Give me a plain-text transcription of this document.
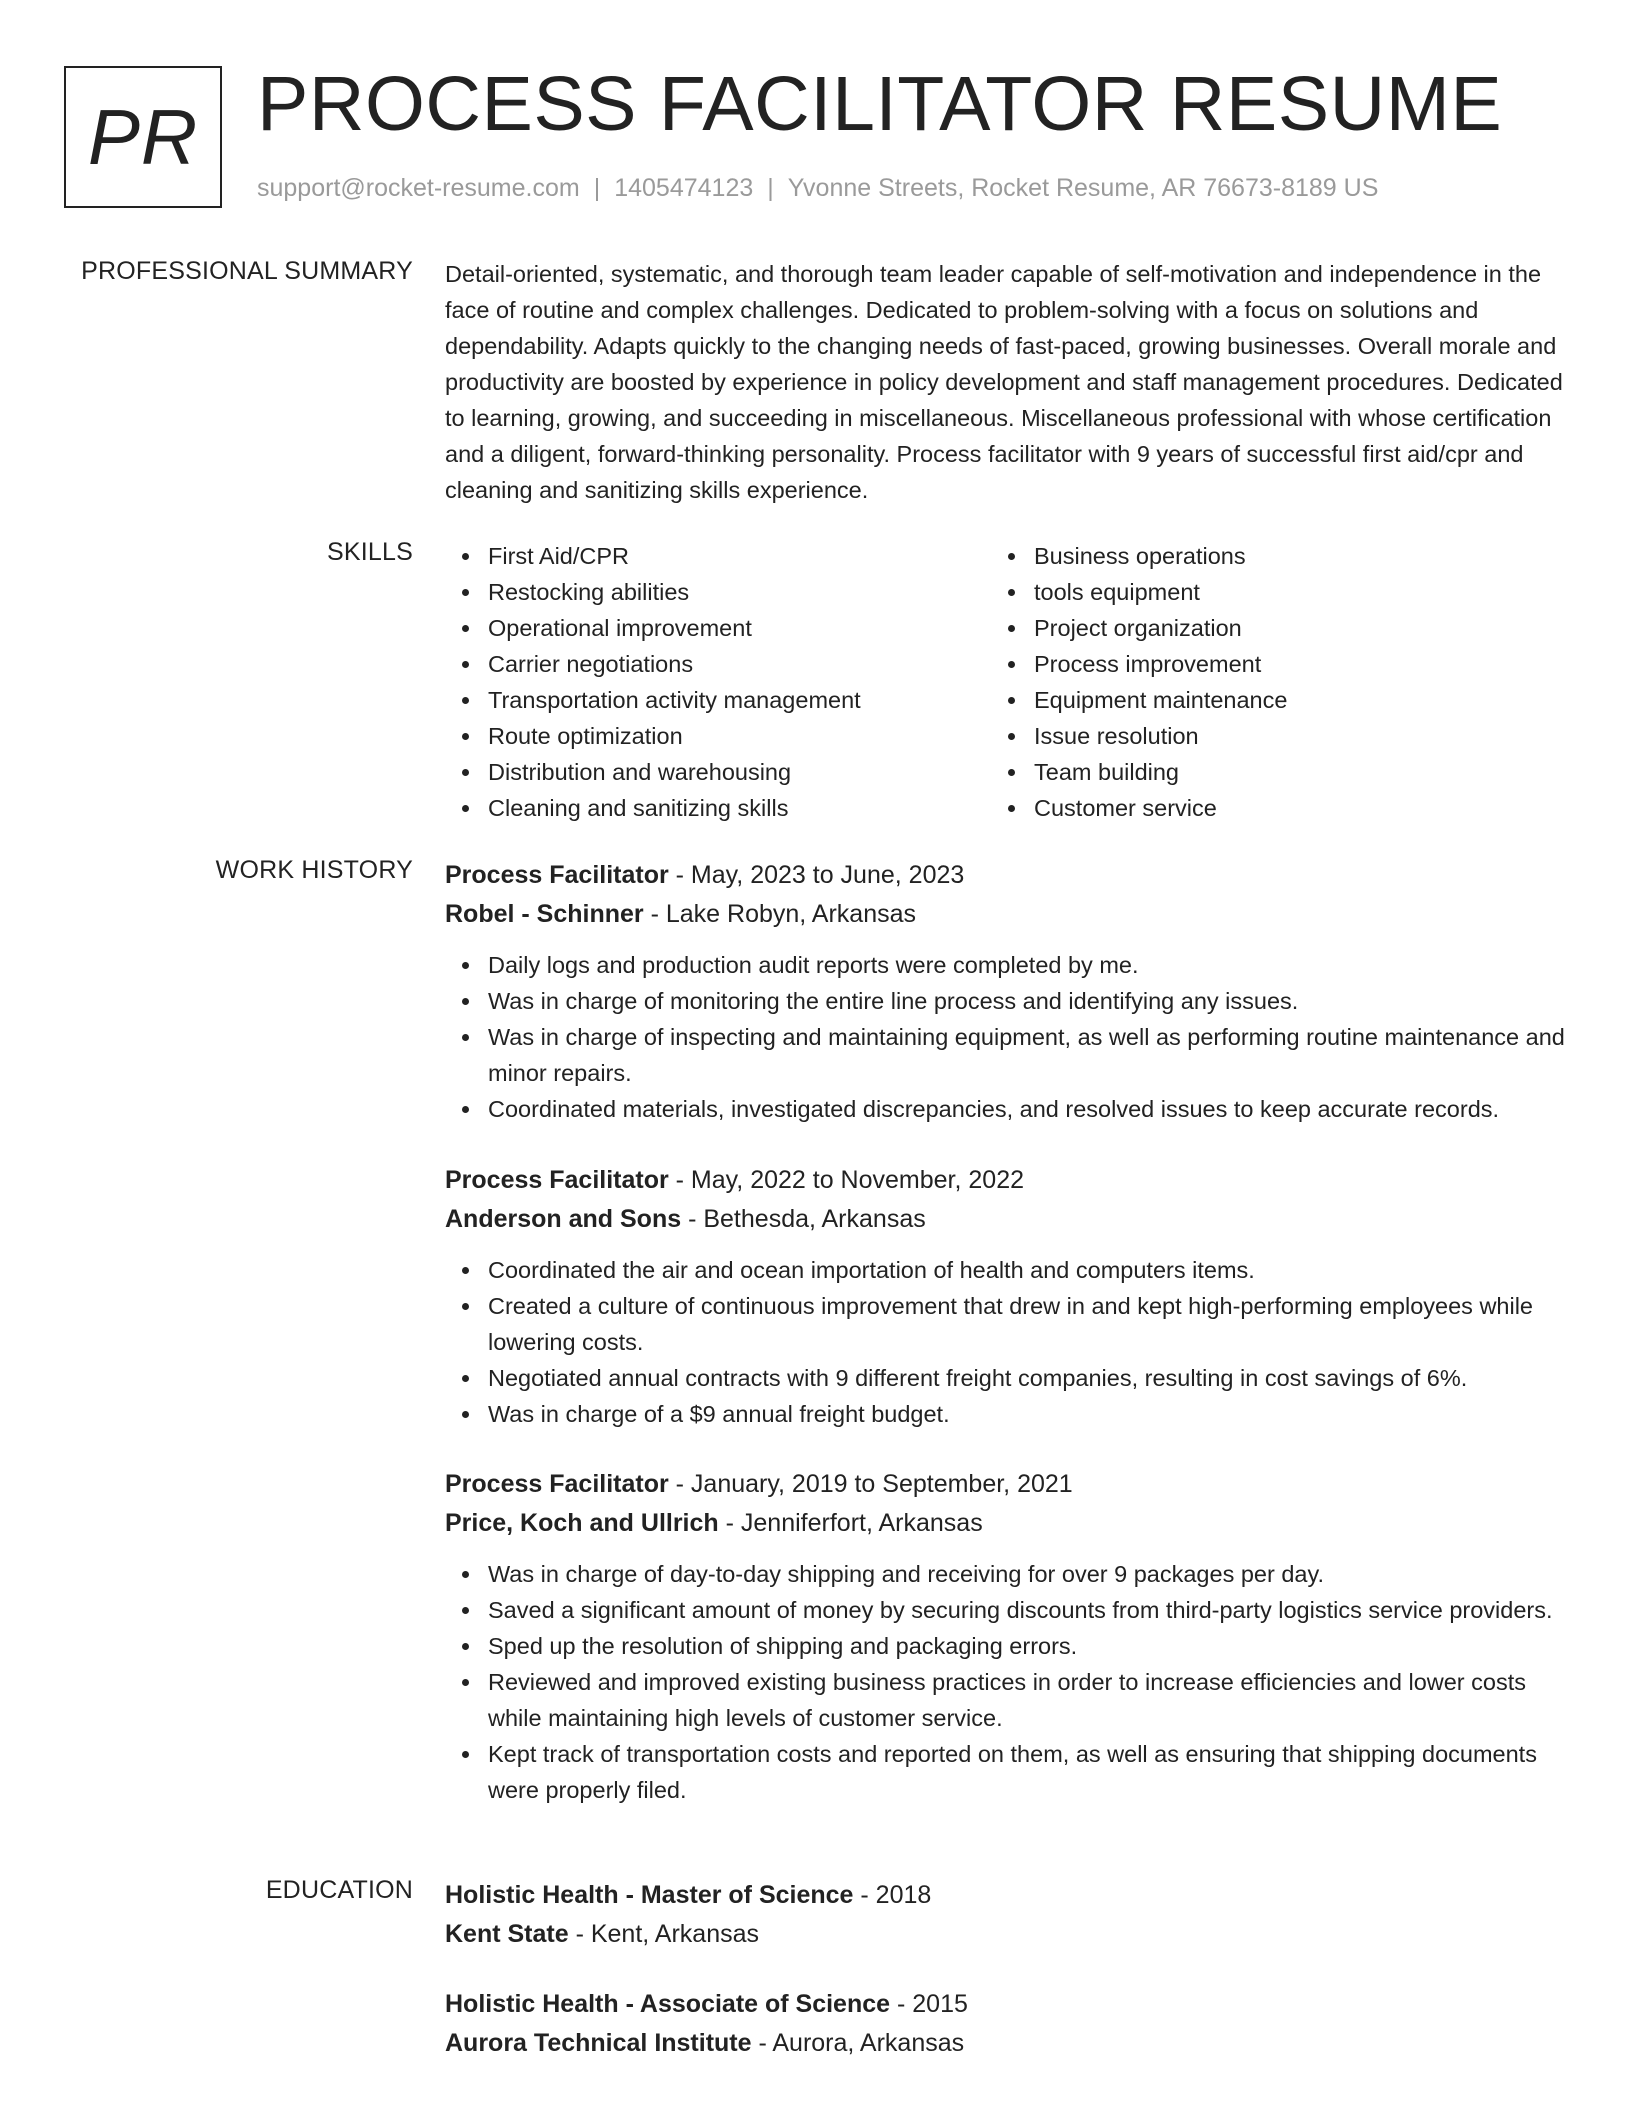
PR PROCESS FACILITATOR RESUME
support@rocket-resume.com | 1405474123 | Yvonne Streets, Rocket Resume, AR 76673-8189 US
PROFESSIONAL SUMMARY Detail-oriented, systematic, and thorough team leader capable of self-motivation and independence in the face of routine and complex challenges. Dedicated to problem-solving with a focus on solutions and dependability. Adapts quickly to the changing needs of fast-paced, growing businesses. Overall morale and productivity are boosted by experience in policy development and staff management procedures. Dedicated to learning, growing, and succeeding in miscellaneous. Miscellaneous professional with whose certification and a diligent, forward-thinking personality. Process facilitator with 9 years of successful first aid/cpr and cleaning and sanitizing skills experience.
SKILLS	First Aid/CPR
Restocking abilities
Operational improvement
Carrier negotiations
Transportation activity management
Route optimization
Distribution and warehousing
Cleaning and sanitizing skills
Business operations
tools equipment
Project organization
Process improvement
Equipment maintenance
Issue resolution
Team building
Customer service
WORK HISTORY Process Facilitator - May, 2023 to June, 2023
Robel - Schinner - Lake Robyn, Arkansas
Daily logs and production audit reports were completed by me.
Was in charge of monitoring the entire line process and identifying any issues.
Was in charge of inspecting and maintaining equipment, as well as performing routine maintenance and minor repairs.
Coordinated materials, investigated discrepancies, and resolved issues to keep accurate records.
Process Facilitator - May, 2022 to November, 2022
Anderson and Sons - Bethesda, Arkansas
Coordinated the air and ocean importation of health and computers items.
Created a culture of continuous improvement that drew in and kept high-performing employees while lowering costs.
Negotiated annual contracts with 9 different freight companies, resulting in cost savings of 6%.
Was in charge of a $9 annual freight budget.
Process Facilitator - January, 2019 to September, 2021
Price, Koch and Ullrich - Jenniferfort, Arkansas
Was in charge of day-to-day shipping and receiving for over 9 packages per day.
Saved a significant amount of money by securing discounts from third-party logistics service providers.
Sped up the resolution of shipping and packaging errors.
Reviewed and improved existing business practices in order to increase efficiencies and lower costs while maintaining high levels of customer service.
Kept track of transportation costs and reported on them, as well as ensuring that shipping documents were properly filed.
EDUCATION Holistic Health - Master of Science - 2018
Kent State - Kent, Arkansas
Holistic Health - Associate of Science - 2015
Aurora Technical Institute - Aurora, Arkansas
